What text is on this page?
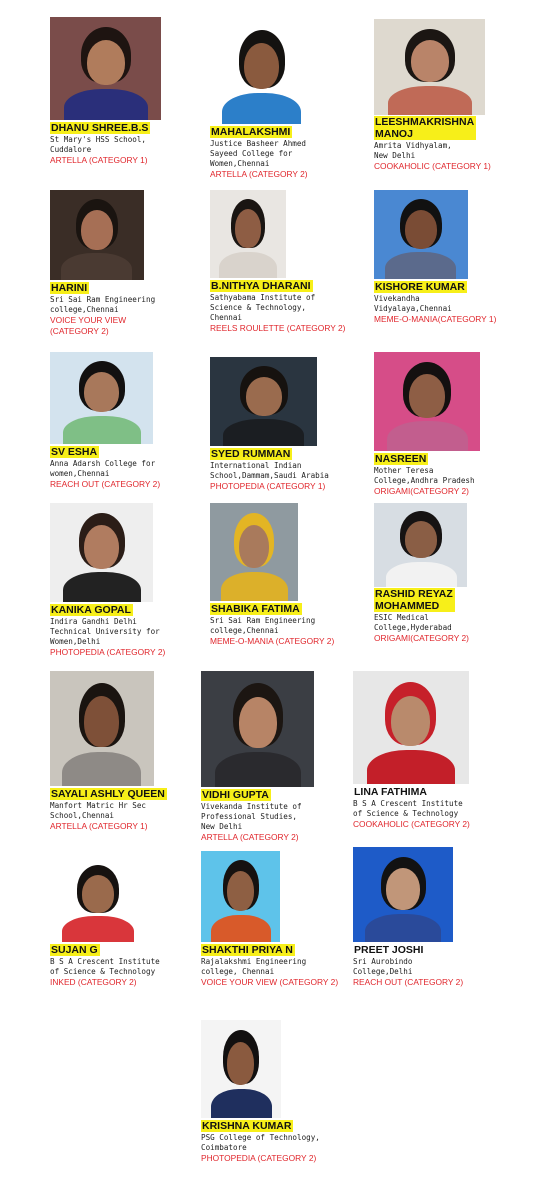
DHANU SHREE.B.S
St Mary's HSS School,
Cuddalore
ARTELLA (CATEGORY 1)
MAHALAKSHMI
Justice Basheer Ahmed
Sayeed College for
Women,Chennai
ARTELLA (CATEGORY 2)
LEESHMAKRISHNA
MANOJ
Amrita Vidhyalam,
New Delhi
COOKAHOLIC (CATEGORY 1)
HARINI
Sri Sai Ram Engineering
college,Chennai
VOICE YOUR VIEW
(CATEGORY 2)
B.NITHYA DHARANI
Sathyabama Institute of
Science & Technology,
Chennai
REELS ROULETTE (CATEGORY 2)
KISHORE KUMAR
Vivekandha
Vidyalaya,Chennai
MEME-O-MANIA(CATEGORY 1)
SV ESHA
Anna Adarsh College for
women,Chennai
REACH OUT (CATEGORY 2)
SYED RUMMAN
International Indian
School,Dammam,Saudi Arabia
PHOTOPEDIA (CATEGORY 1)
NASREEN
Mother Teresa
College,Andhra Pradesh
ORIGAMI(CATEGORY 2)
KANIKA GOPAL
Indira Gandhi Delhi
Technical University for
Women,Delhi
PHOTOPEDIA (CATEGORY 2)
SHABIKA FATIMA
Sri Sai Ram Engineering
college,Chennai
MEME-O-MANIA (CATEGORY 2)
RASHID REYAZ
MOHAMMED
ESIC Medical
College,Hyderabad
ORIGAMI(CATEGORY 2)
SAYALI ASHLY QUEEN
Manfort Matric Hr Sec
School,Chennai
ARTELLA (CATEGORY 1)
VIDHI GUPTA
Vivekanda Institute of
Professional Studies,
New Delhi
ARTELLA (CATEGORY 2)
LINA FATHIMA
B S A Crescent Institute
of Science & Technology
COOKAHOLIC (CATEGORY 2)
SUJAN G
B S A Crescent Institute
of Science & Technology
INKED (CATEGORY 2)
SHAKTHI PRIYA N
Rajalakshmi Engineering
college, Chennai
VOICE YOUR VIEW (CATEGORY 2)
PREET JOSHI
Sri Aurobindo
College,Delhi
REACH OUT (CATEGORY 2)
KRISHNA KUMAR
PSG College of Technology,
Coimbatore
PHOTOPEDIA (CATEGORY 2)
